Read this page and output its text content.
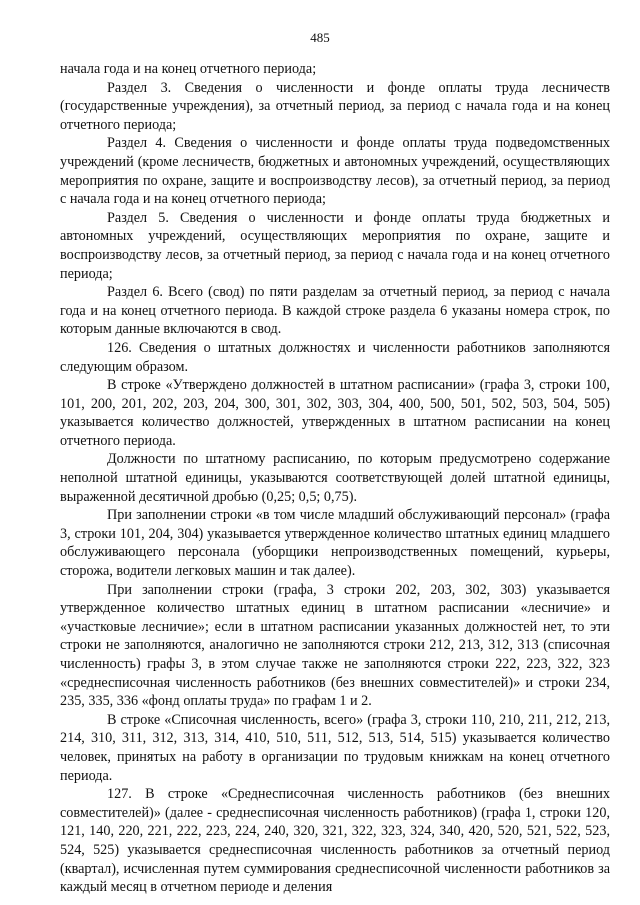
485

начала года и на конец отчетного периода;

Раздел 3. Сведения о численности и фонде оплаты труда лесничеств (государственные учреждения), за отчетный период, за период с начала года и на конец отчетного периода;

Раздел 4. Сведения о численности и фонде оплаты труда подведомственных учреждений (кроме лесничеств, бюджетных и автономных учреждений, осуществляющих мероприятия по охране, защите и воспроизводству лесов), за отчетный период, за период с начала года и на конец отчетного периода;

Раздел 5. Сведения о численности и фонде оплаты труда бюджетных и автономных учреждений, осуществляющих мероприятия по охране, защите и воспроизводству лесов, за отчетный период, за период с начала года и на конец отчетного периода;

Раздел 6. Всего (свод) по пяти разделам за отчетный период, за период с начала года и на конец отчетного периода. В каждой строке раздела 6 указаны номера строк, по которым данные включаются в свод.

126. Сведения о штатных должностях и численности работников заполняются следующим образом.

В строке «Утверждено должностей в штатном расписании» (графа 3, строки 100, 101, 200, 201, 202, 203, 204, 300, 301, 302, 303, 304, 400, 500, 501, 502, 503, 504, 505) указывается количество должностей, утвержденных в штатном расписании на конец отчетного периода.

Должности по штатному расписанию, по которым предусмотрено содержание неполной штатной единицы, указываются соответствующей долей штатной единицы, выраженной десятичной дробью (0,25; 0,5; 0,75).

При заполнении строки «в том числе младший обслуживающий персонал» (графа 3, строки 101, 204, 304) указывается утвержденное количество штатных единиц младшего обслуживающего персонала (уборщики непроизводственных помещений, курьеры, сторожа, водители легковых машин и так далее).

При заполнении строки (графа, 3 строки 202, 203, 302, 303) указывается утвержденное количество штатных единиц в штатном расписании «лесничие» и «участковые лесничие»; если в штатном расписании указанных должностей нет, то эти строки не заполняются, аналогично не заполняются строки 212, 213, 312, 313 (списочная численность) графы 3, в этом случае также не заполняются строки 222, 223, 322, 323 «среднесписочная численность работников (без внешних совместителей)» и строки 234, 235, 335, 336 «фонд оплаты труда» по графам 1 и 2.

В строке «Списочная численность, всего» (графа 3, строки 110, 210, 211, 212, 213, 214, 310, 311, 312, 313, 314, 410, 510, 511, 512, 513, 514, 515) указывается количество человек, принятых на работу в организации по трудовым книжкам на конец отчетного периода.

127. В строке «Среднесписочная численность работников (без внешних совместителей)» (далее - среднесписочная численность работников) (графа 1, строки 120, 121, 140, 220, 221, 222, 223, 224, 240, 320, 321, 322, 323, 324, 340, 420, 520, 521, 522, 523, 524, 525) указывается среднесписочная численность работников за отчетный период (квартал), исчисленная путем суммирования среднесписочной численности работников за каждый месяц в отчетном периоде и деления
